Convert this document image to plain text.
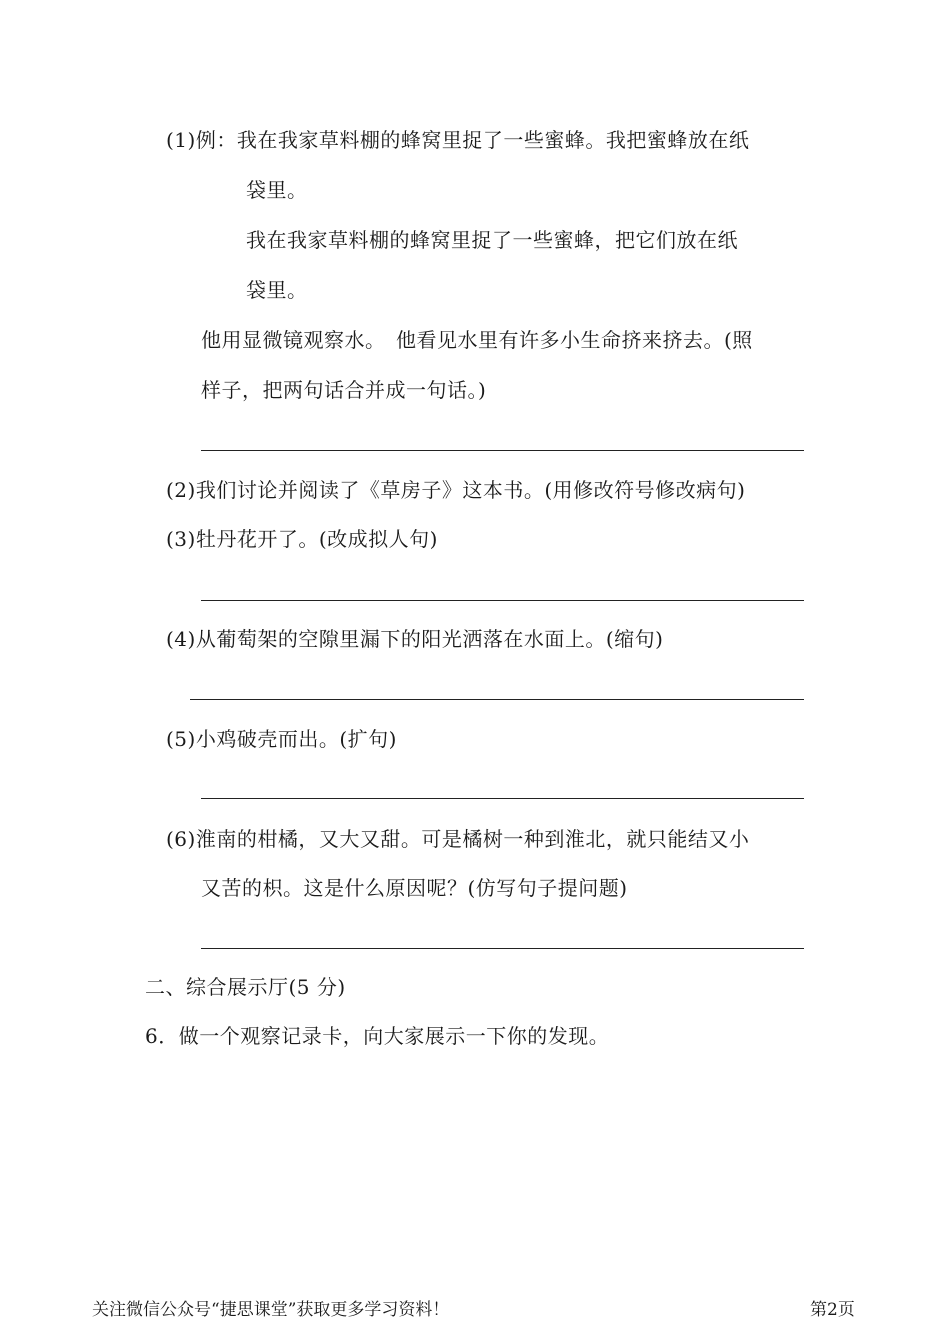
(1)例：我在我家草料棚的蜂窝里捉了一些蜜蜂。我把蜜蜂放在纸
袋里。
我在我家草料棚的蜂窝里捉了一些蜜蜂，把它们放在纸
袋里。
他用显微镜观察水。　他看见水里有许多小生命挤来挤去。(照
样子，把两句话合并成一句话。)
(2)我们讨论并阅读了《草房子》这本书。(用修改符号修改病句)
(3)牡丹花开了。(改成拟人句)
(4)从葡萄架的空隙里漏下的阳光洒落在水面上。(缩句)
(5)小鸡破壳而出。(扩句)
(6)淮南的柑橘，又大又甜。可是橘树一种到淮北，就只能结又小
又苦的枳。这是什么原因呢？(仿写句子提问题)
二、综合展示厅(5 分)
6．做一个观察记录卡，向大家展示一下你的发现。
关注微信公众号“捷思课堂”获取更多学习资料！	第2页
